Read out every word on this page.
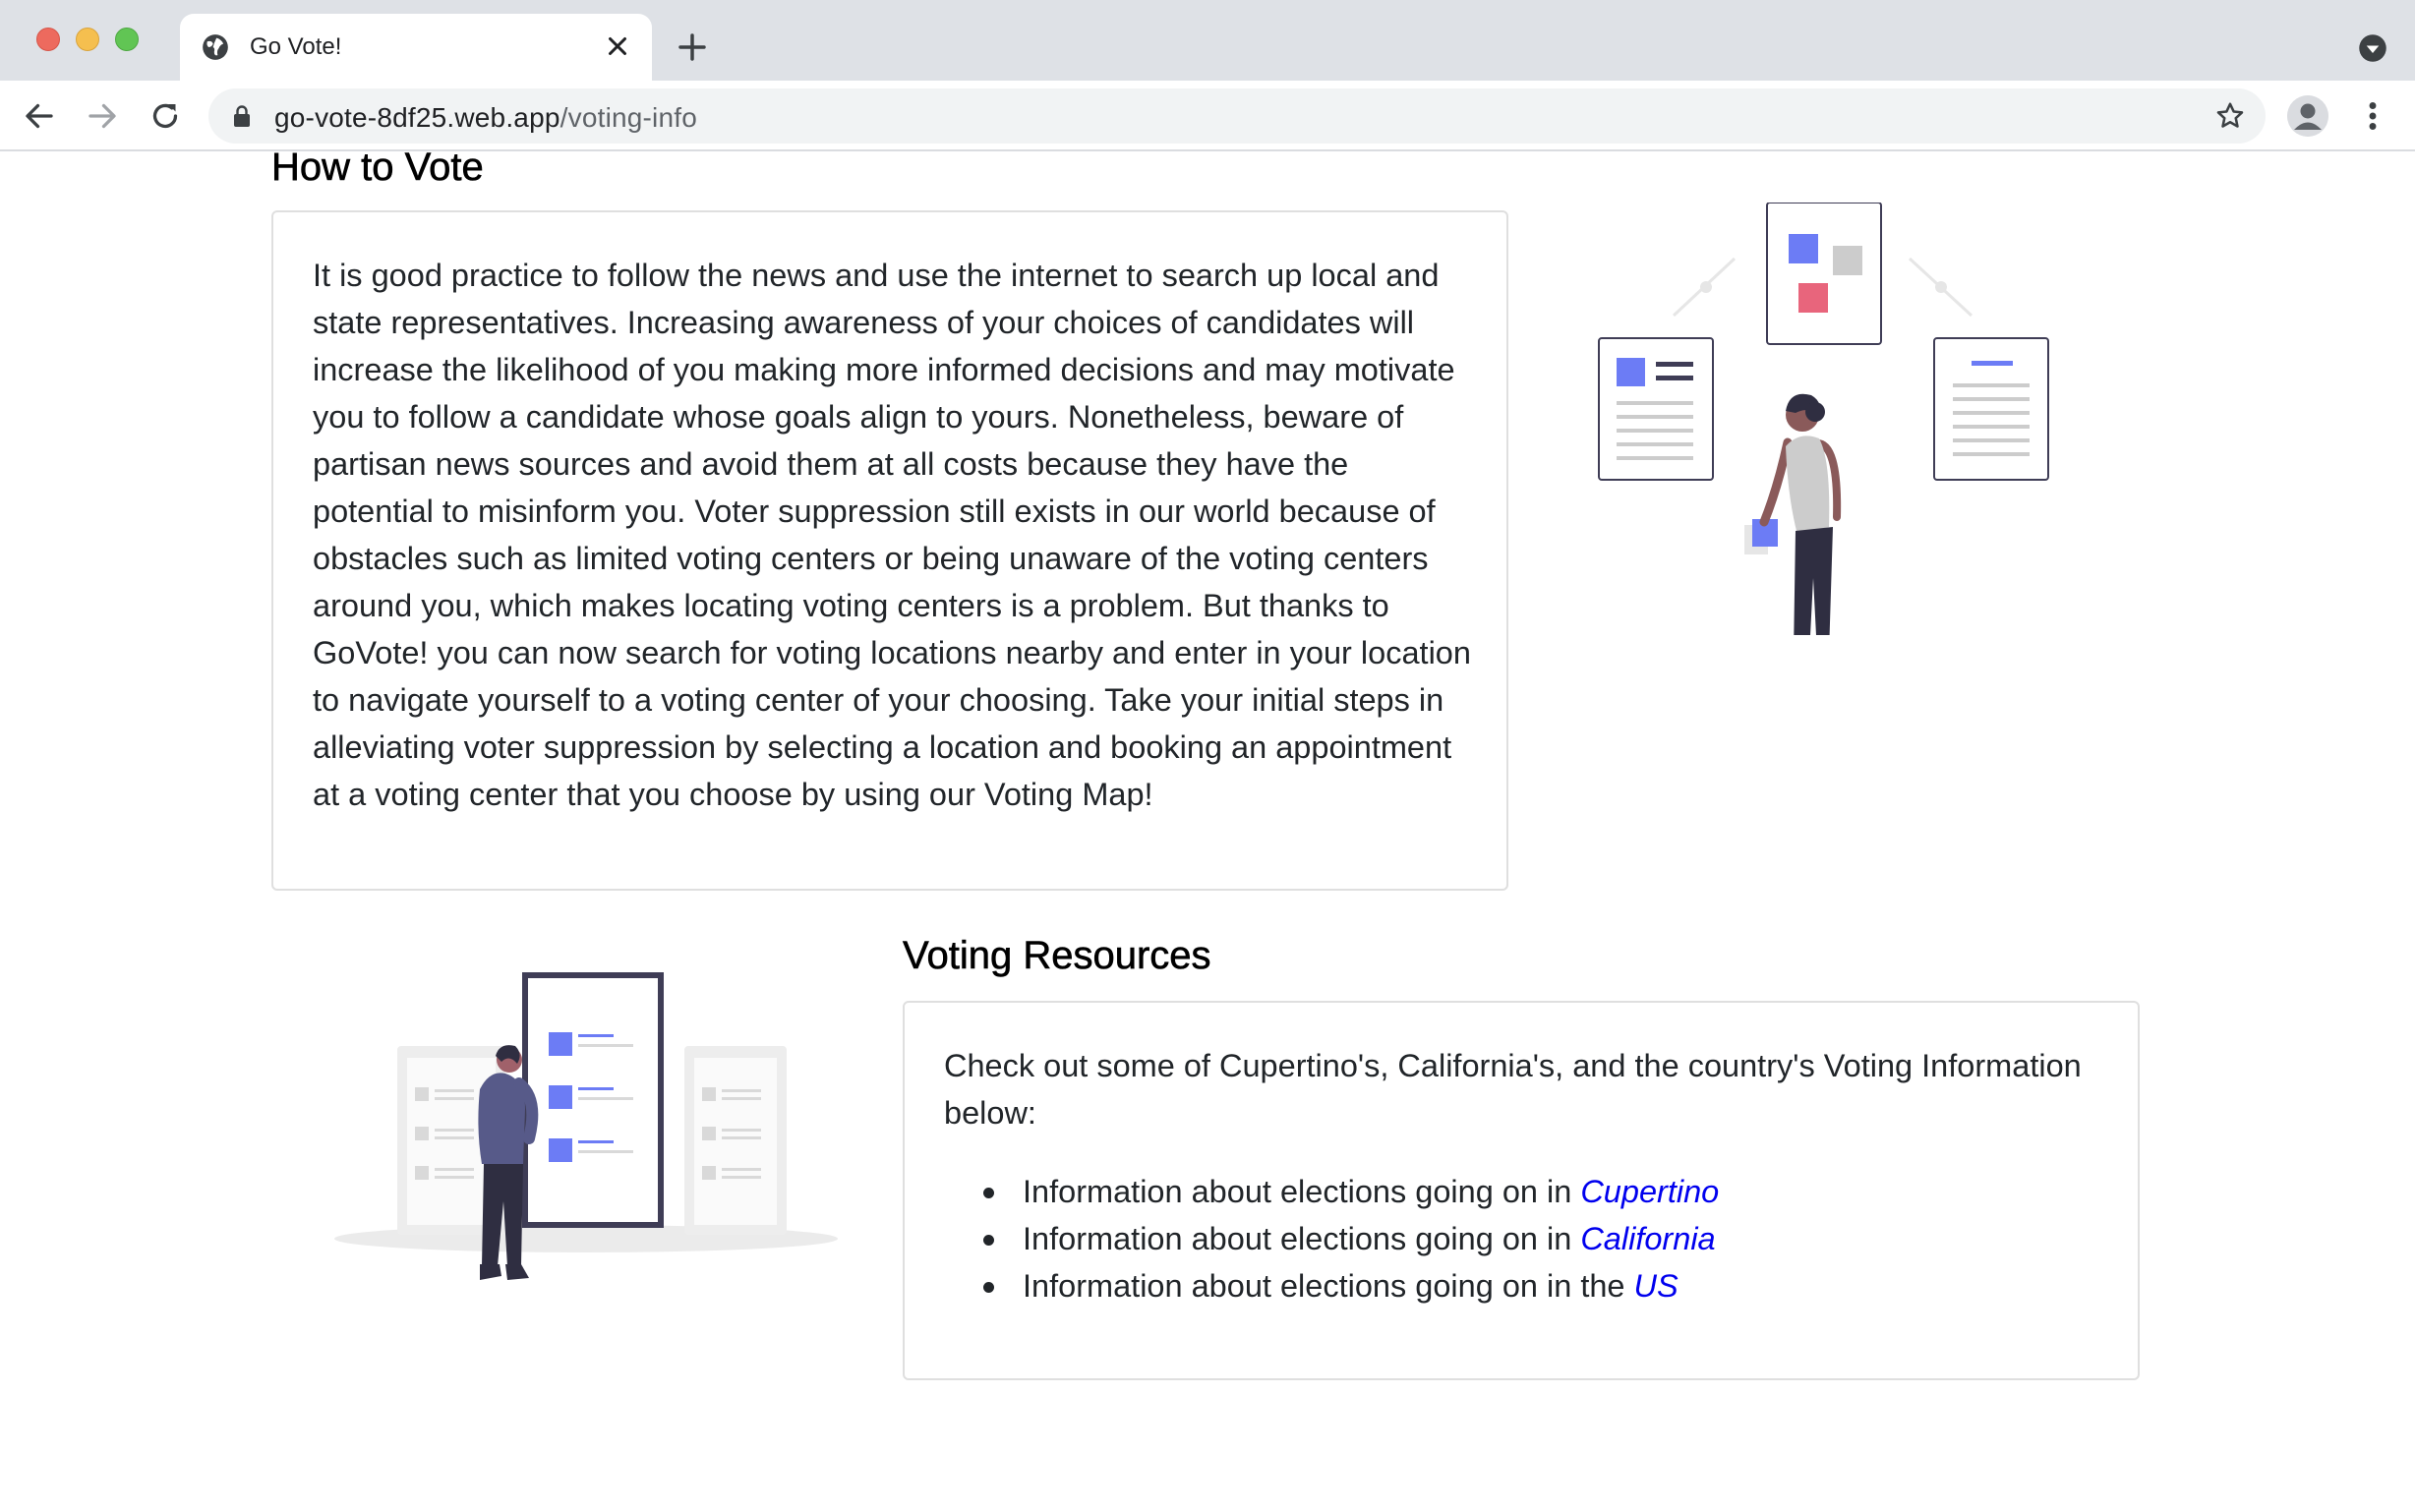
Go Vote!
go-vote-8df25.web.app/voting-info
How to Vote

It is good practice to follow the news and use the internet to search up local and state representatives. Increasing awareness of your choices of candidates will increase the likelihood of you making more informed decisions and may motivate you to follow a candidate whose goals align to yours. Nonetheless, beware of partisan news sources and avoid them at all costs because they have the potential to misinform you. Voter suppression still exists in our world because of obstacles such as limited voting centers or being unaware of the voting centers around you, which makes locating voting centers is a problem. But thanks to GoVote! you can now search for voting locations nearby and enter in your location to navigate yourself to a voting center of your choosing. Take your initial steps in alleviating voter suppression by selecting a location and booking an appointment at a voting center that you choose by using our Voting Map!

Voting Resources

Check out some of Cupertino's, California's, and the country's Voting Information below:

Information about elections going on in Cupertino
Information about elections going on in California
Information about elections going on in the US
